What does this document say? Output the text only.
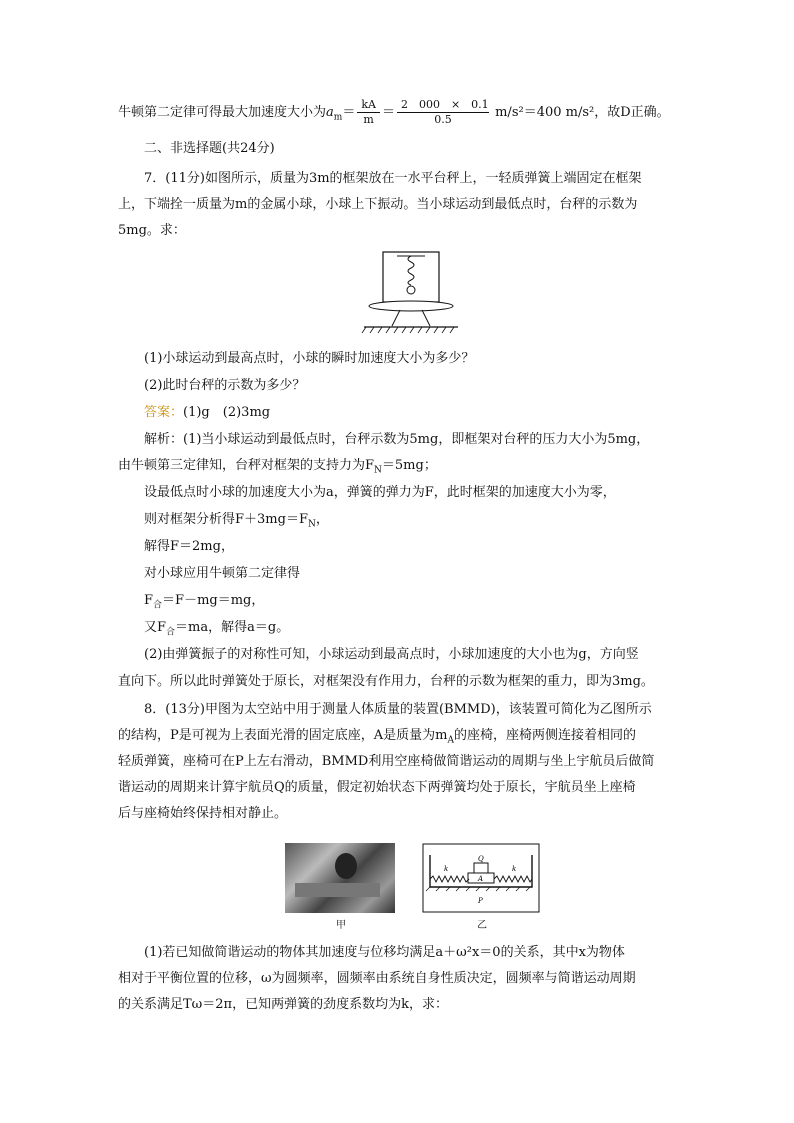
牛顿第二定律可得最大加速度大小为$a_m= \frac{kA}{m} = \frac{2 000 \times 0.1}{0.5} m/s^2=400$ m/s²，故D正确。
二、非选择题(共24分)
7．(11分)如图所示，质量为3m的框架放在一水平台秤上，一轻质弹簧上端固定在框架
上，下端拴一质量为m的金属小球，小球上下振动。当小球运动到最低点时，台秤的示数为
5mg。求：
(1)小球运动到最高点时，小球的瞬时加速度大小为多少？
(2)此时台秤的示数为多少？
答案：(1)g　(2)3mg
解析：(1)当小球运动到最低点时，台秤示数为5mg，即框架对台秤的压力大小为5mg，
由牛顿第三定律知，台秤对框架的支持力为$F_N=5mg$；
设最低点时小球的加速度大小为a，弹簧的弹力为F，此时框架的加速度大小为零，
则对框架分析得$F+3mg=F_N$，
解得F＝2mg，
对小球应用牛顿第二定律得
$F_合=F-mg=mg$，
又$F_合=ma$，解得a＝g。
(2)由弹簧振子的对称性可知，小球运动到最高点时，小球加速度的大小也为g，方向竖
直向下。所以此时弹簧处于原长，对框架没有作用力，台秤的示数为框架的重力，即为3mg。
8．(13分)甲图为太空站中用于测量人体质量的装置(BMMD)，该装置可简化为乙图所示
的结构，P是可视为上表面光滑的固定底座，A是质量为$m_A$的座椅，座椅两侧连接着相同的
轻质弹簧，座椅可在P上左右滑动，BMMD利用空座椅做简谐运动的周期与坐上宇航员后做简
谐运动的周期来计算宇航员Q的质量，假定初始状态下两弹簧均处于原长，宇航员坐上座椅
后与座椅始终保持相对静止。
甲
k	k
Q
A
P
乙
(1)若已知做简谐运动的物体其加速度与位移均满足a＋ω²x＝0的关系，其中x为物体
相对于平衡位置的位移，ω为圆频率，圆频率由系统自身性质决定，圆频率与简谐运动周期
的关系满足Tω＝2π，已知两弹簧的劲度系数均为k，求：
